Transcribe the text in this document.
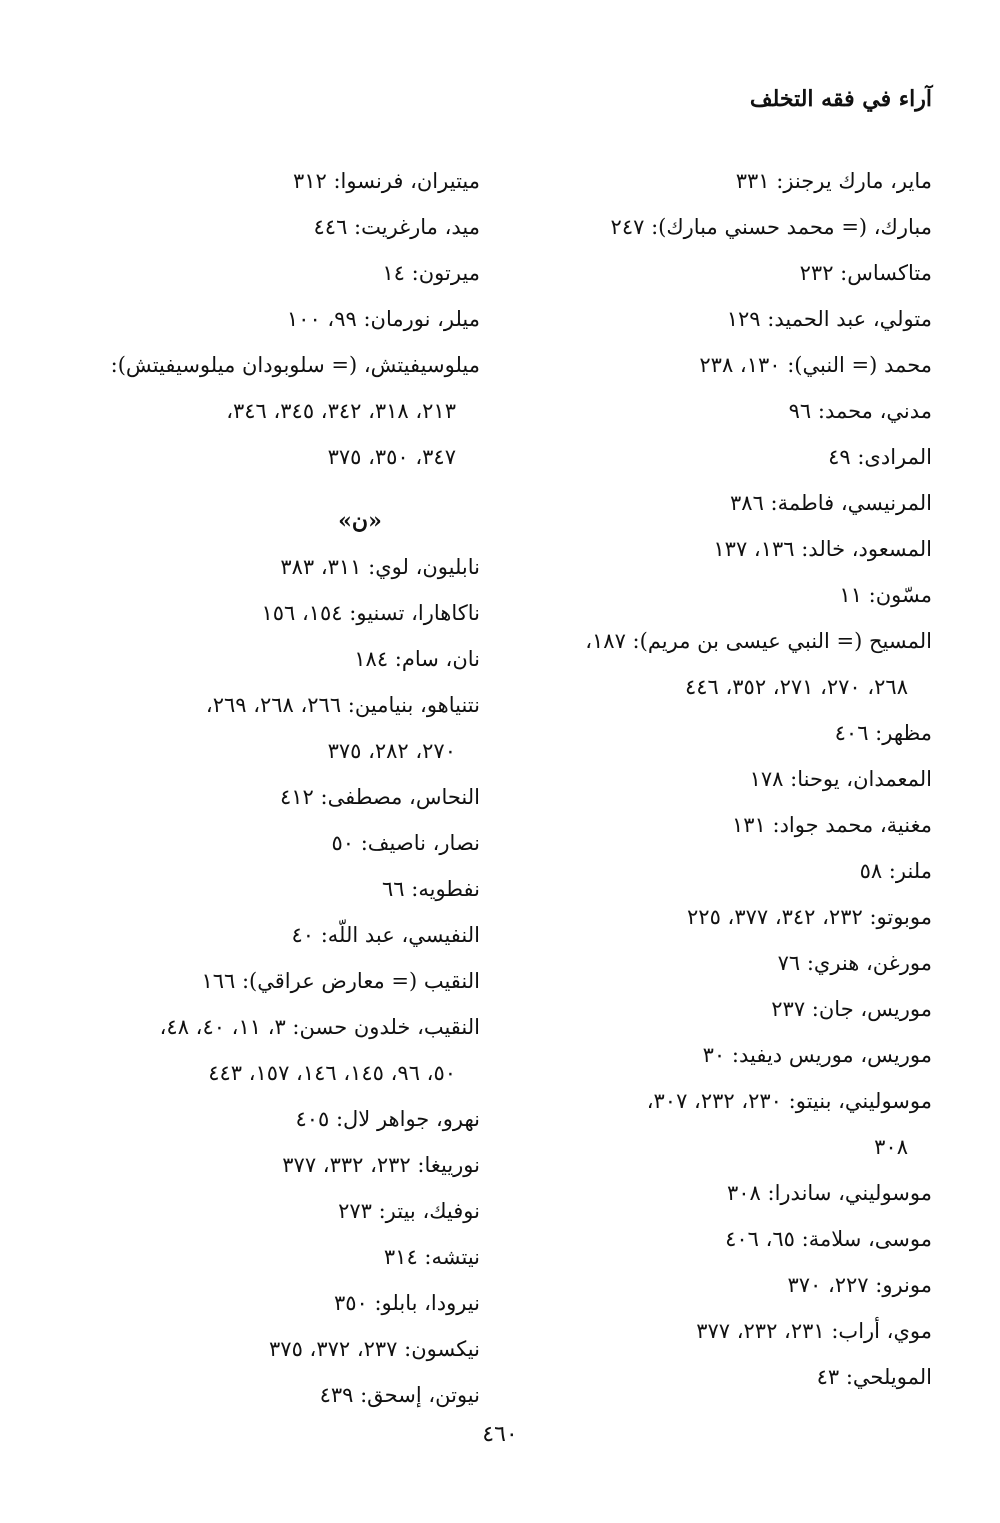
آراء في فقه التخلف

ماير، مارك يرجنز: ٣٣١

مبارك، (= محمد حسني مبارك): ٢٤٧

متاكساس: ٢٣٢

متولي، عبد الحميد: ١٢٩

محمد (= النبي): ١٣٠، ٢٣٨

مدني، محمد: ٩٦

المرادى: ٤٩

المرنيسي، فاطمة: ٣٨٦

المسعود، خالد: ١٣٦، ١٣٧

مسّون: ١١

المسيح (= النبي عيسى بن مريم): ١٨٧،
٢٦٨، ٢٧٠، ٢٧١، ٣٥٢، ٤٤٦

مظهر: ٤٠٦

المعمدان، يوحنا: ١٧٨

مغنية، محمد جواد: ١٣١

ملنر: ٥٨

موبوتو: ٢٣٢، ٣٤٢، ٣٧٧، ٢٢٥

مورغن، هنري: ٧٦

موريس، جان: ٢٣٧

موريس، موريس ديفيد: ٣٠

موسوليني، بنيتو: ٢٣٠، ٢٣٢، ٣٠٧،
٣٠٨

موسوليني، ساندرا: ٣٠٨

موسى، سلامة: ٦٥، ٤٠٦

مونرو: ٢٢٧، ٣٧٠

موي، أراب: ٢٣١، ٢٣٢، ٣٧٧

المويلحي: ٤٣

ميتيران، فرنسوا: ٣١٢

ميد، مارغريت: ٤٤٦

ميرتون: ١٤

ميلر، نورمان: ٩٩، ١٠٠

ميلوسيفيتش، (= سلوبودان ميلوسيفيتش):
٢١٣، ٣١٨، ٣٤٢، ٣٤٥، ٣٤٦،
٣٤٧، ٣٥٠، ٣٧٥

«ن»

نابليون، لوي: ٣١١، ٣٨٣

ناكاهارا، تسنيو: ١٥٤، ١٥٦

نان، سام: ١٨٤

نتنياهو، بنيامين: ٢٦٦، ٢٦٨، ٢٦٩،
٢٧٠، ٢٨٢، ٣٧٥

النحاس، مصطفى: ٤١٢

نصار، ناصيف: ٥٠

نفطويه: ٦٦

النفيسي، عبد اللّه: ٤٠

النقيب (= معارض عراقي): ١٦٦

النقيب، خلدون حسن: ٣، ١١، ٤٠، ٤٨،
٥٠، ٩٦، ١٤٥، ١٤٦، ١٥٧، ٤٤٣

نهرو، جواهر لال: ٤٠٥

نورييغا: ٢٣٢، ٣٣٢، ٣٧٧

نوفيك، بيتر: ٢٧٣

نيتشه: ٣١٤

نيرودا، بابلو: ٣٥٠

نيكسون: ٢٣٧، ٣٧٢، ٣٧٥

نيوتن، إسحق: ٤٣٩

٤٦٠
